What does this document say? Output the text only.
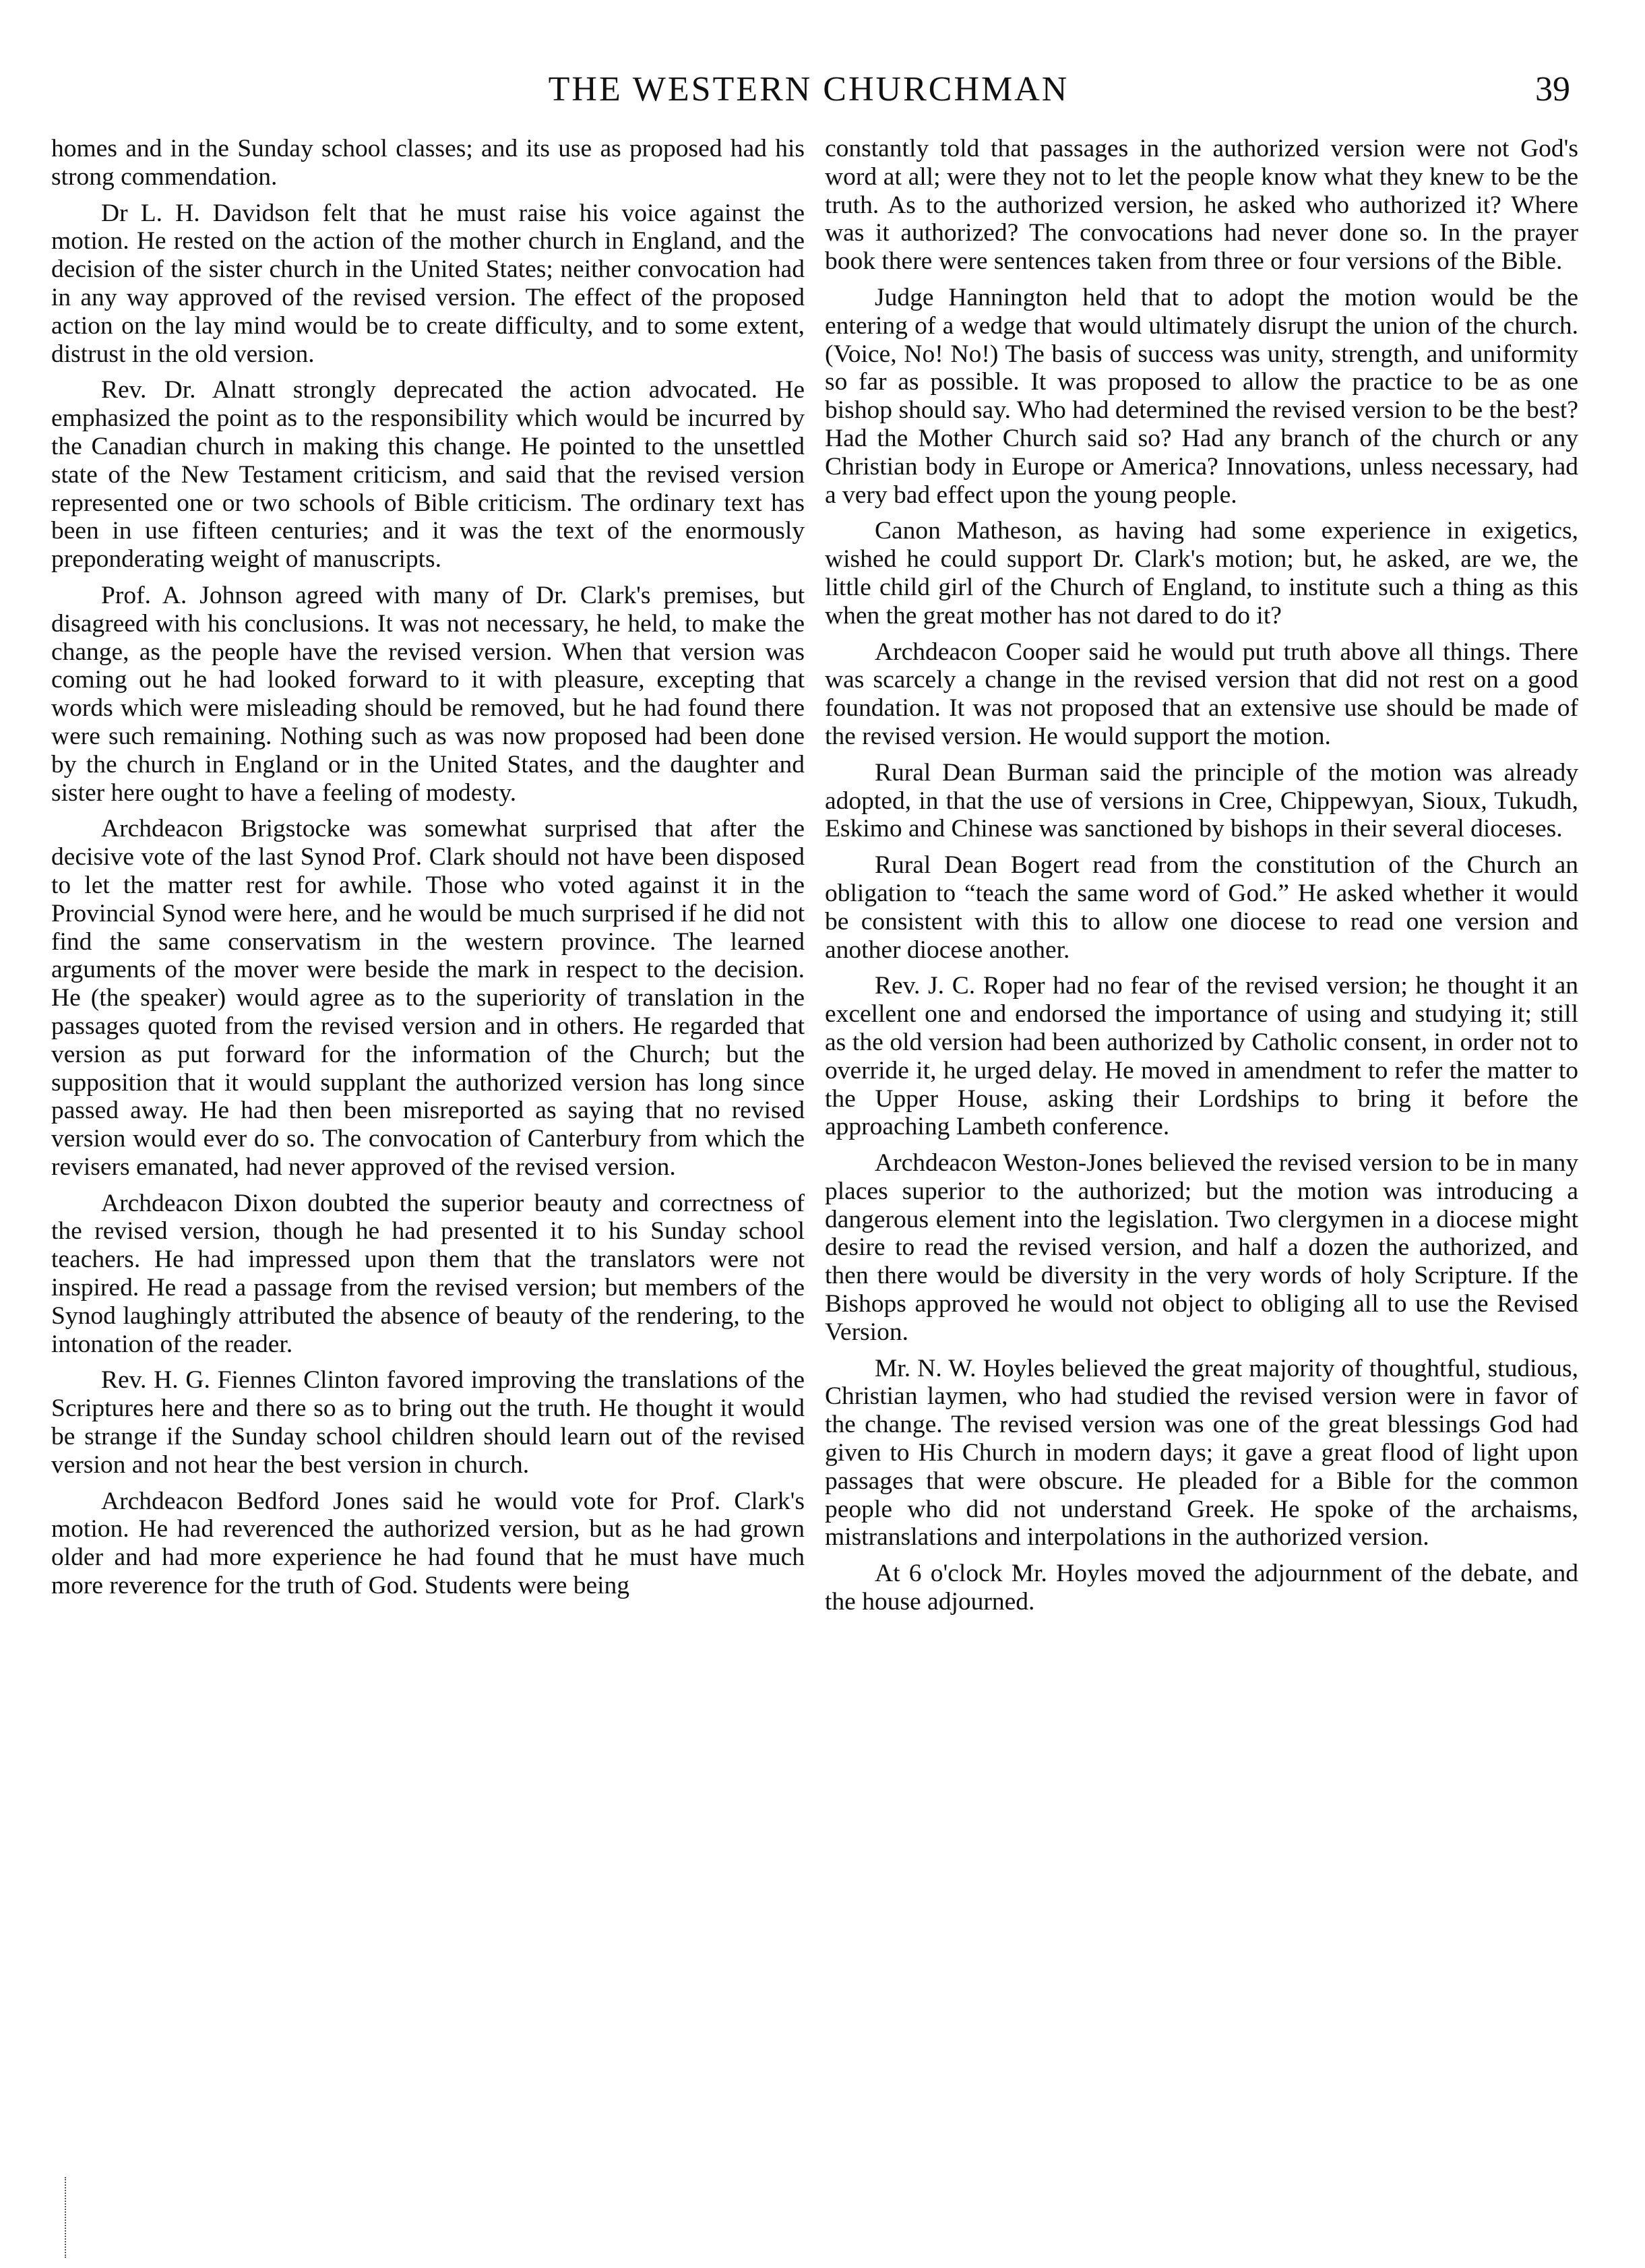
THE WESTERN CHURCHMAN	39

homes and in the Sunday school classes; and its use as proposed had his strong commendation.

Dr L. H. Davidson felt that he must raise his voice against the motion. He rested on the action of the mother church in England, and the decision of the sister church in the United States; neither convocation had in any way approved of the revised version. The effect of the proposed action on the lay mind would be to create difficulty, and to some extent, distrust in the old version.

Rev. Dr. Alnatt strongly deprecated the action advocated. He emphasized the point as to the responsibility which would be incurred by the Canadian church in making this change. He pointed to the unsettled state of the New Testament criticism, and said that the revised version represented one or two schools of Bible criticism. The ordinary text has been in use fifteen centuries; and it was the text of the enormously preponderating weight of manuscripts.

Prof. A. Johnson agreed with many of Dr. Clark's premises, but disagreed with his conclusions. It was not necessary, he held, to make the change, as the people have the revised version. When that version was coming out he had looked forward to it with pleasure, excepting that words which were misleading should be removed, but he had found there were such remaining. Nothing such as was now proposed had been done by the church in England or in the United States, and the daughter and sister here ought to have a feeling of modesty.

Archdeacon Brigstocke was somewhat surprised that after the decisive vote of the last Synod Prof. Clark should not have been disposed to let the matter rest for awhile. Those who voted against it in the Provincial Synod were here, and he would be much surprised if he did not find the same conservatism in the western province. The learned arguments of the mover were beside the mark in respect to the decision. He (the speaker) would agree as to the superiority of translation in the passages quoted from the revised version and in others. He regarded that version as put forward for the information of the Church; but the supposition that it would supplant the authorized version has long since passed away. He had then been misreported as saying that no revised version would ever do so. The convocation of Canterbury from which the revisers emanated, had never approved of the revised version.

Archdeacon Dixon doubted the superior beauty and correctness of the revised version, though he had presented it to his Sunday school teachers. He had impressed upon them that the translators were not inspired. He read a passage from the revised version; but members of the Synod laughingly attributed the absence of beauty of the rendering, to the intonation of the reader.

Rev. H. G. Fiennes Clinton favored improving the translations of the Scriptures here and there so as to bring out the truth. He thought it would be strange if the Sunday school children should learn out of the revised version and not hear the best version in church.

Archdeacon Bedford Jones said he would vote for Prof. Clark's motion. He had reverenced the authorized version, but as he had grown older and had more experience he had found that he must have much more reverence for the truth of God. Students were being

constantly told that passages in the authorized version were not God's word at all; were they not to let the people know what they knew to be the truth. As to the authorized version, he asked who authorized it? Where was it authorized? The convocations had never done so. In the prayer book there were sentences taken from three or four versions of the Bible.

Judge Hannington held that to adopt the motion would be the entering of a wedge that would ultimately disrupt the union of the church. (Voice, No! No!) The basis of success was unity, strength, and uniformity so far as possible. It was proposed to allow the practice to be as one bishop should say. Who had determined the revised version to be the best? Had the Mother Church said so? Had any branch of the church or any Christian body in Europe or America? Innovations, unless necessary, had a very bad effect upon the young people.

Canon Matheson, as having had some experience in exigetics, wished he could support Dr. Clark's motion; but, he asked, are we, the little child girl of the Church of England, to institute such a thing as this when the great mother has not dared to do it?

Archdeacon Cooper said he would put truth above all things. There was scarcely a change in the revised version that did not rest on a good foundation. It was not proposed that an extensive use should be made of the revised version. He would support the motion.

Rural Dean Burman said the principle of the motion was already adopted, in that the use of versions in Cree, Chippewyan, Sioux, Tukudh, Eskimo and Chinese was sanctioned by bishops in their several dioceses.

Rural Dean Bogert read from the constitution of the Church an obligation to “teach the same word of God.” He asked whether it would be consistent with this to allow one diocese to read one version and another diocese another.

Rev. J. C. Roper had no fear of the revised version; he thought it an excellent one and endorsed the importance of using and studying it; still as the old version had been authorized by Catholic consent, in order not to override it, he urged delay. He moved in amendment to refer the matter to the Upper House, asking their Lordships to bring it before the approaching Lambeth conference.

Archdeacon Weston-Jones believed the revised version to be in many places superior to the authorized; but the motion was introducing a dangerous element into the legislation. Two clergymen in a diocese might desire to read the revised version, and half a dozen the authorized, and then there would be diversity in the very words of holy Scripture. If the Bishops approved he would not object to obliging all to use the Revised Version.

Mr. N. W. Hoyles believed the great majority of thoughtful, studious, Christian laymen, who had studied the revised version were in favor of the change. The revised version was one of the great blessings God had given to His Church in modern days; it gave a great flood of light upon passages that were obscure. He pleaded for a Bible for the common people who did not understand Greek. He spoke of the archaisms, mistranslations and interpolations in the authorized version.

At 6 o'clock Mr. Hoyles moved the adjournment of the debate, and the house adjourned.
